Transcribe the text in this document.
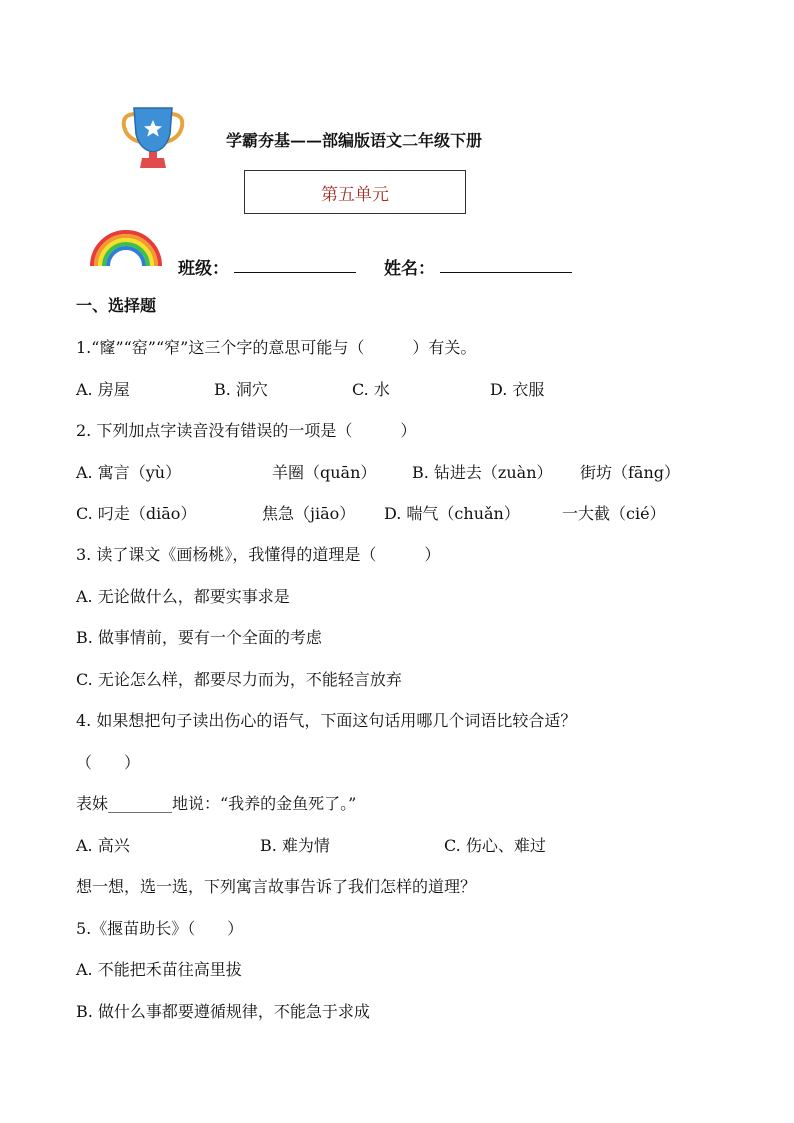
学霸夯基——部编版语文二年级下册
第五单元
班级：	姓名：
一、选择题
1.“窿”“窑”“窄”这三个字的意思可能与（　　　）有关。
A. 房屋	B. 洞穴	C. 水	D. 衣服
2. 下列加点字读音没有错误的一项是（　　　）
A. 寓言（yù）	羊圈（quān） B. 钻进去（zuàn） 街坊（fāng）
C. 叼走（diāo）	焦急（jiāo） D. 喘气（chuǎn）	一大截（cié）
3. 读了课文《画杨桃》，我懂得的道理是（　　　）
A. 无论做什么，都要实事求是
B. 做事情前，要有一个全面的考虑
C. 无论怎么样，都要尽力而为，不能轻言放弃
4. 如果想把句子读出伤心的语气，下面这句话用哪几个词语比较合适？
（　　）
表妹________地说：“我养的金鱼死了。”
A. 高兴	B. 难为情	C. 伤心、难过
想一想，选一选，下列寓言故事告诉了我们怎样的道理？
5.《揠苗助长》（　　）
A. 不能把禾苗往高里拔
B. 做什么事都要遵循规律，不能急于求成
